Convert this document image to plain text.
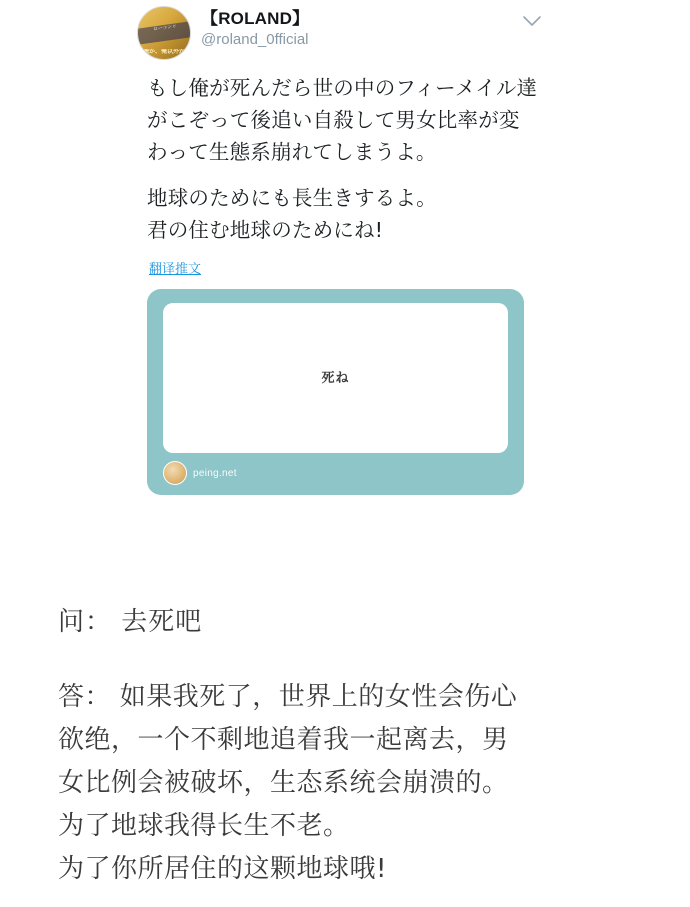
ローランド
俺か、俺以外か
【ROLAND】
@roland_0fficial

もし俺が死んだら世の中のフィーメイル達がこぞって後追い自殺して男女比率が変わって生態系崩れてしまうよ。

地球のためにも長生きするよ。
君の住む地球のためにね!

翻译推文
死ね
peing.net

问： 去死吧

答： 如果我死了，世界上的女性会伤心
欲绝，一个不剩地追着我一起离去，男
女比例会被破坏，生态系统会崩溃的。
为了地球我得长生不老。
为了你所居住的这颗地球哦!
